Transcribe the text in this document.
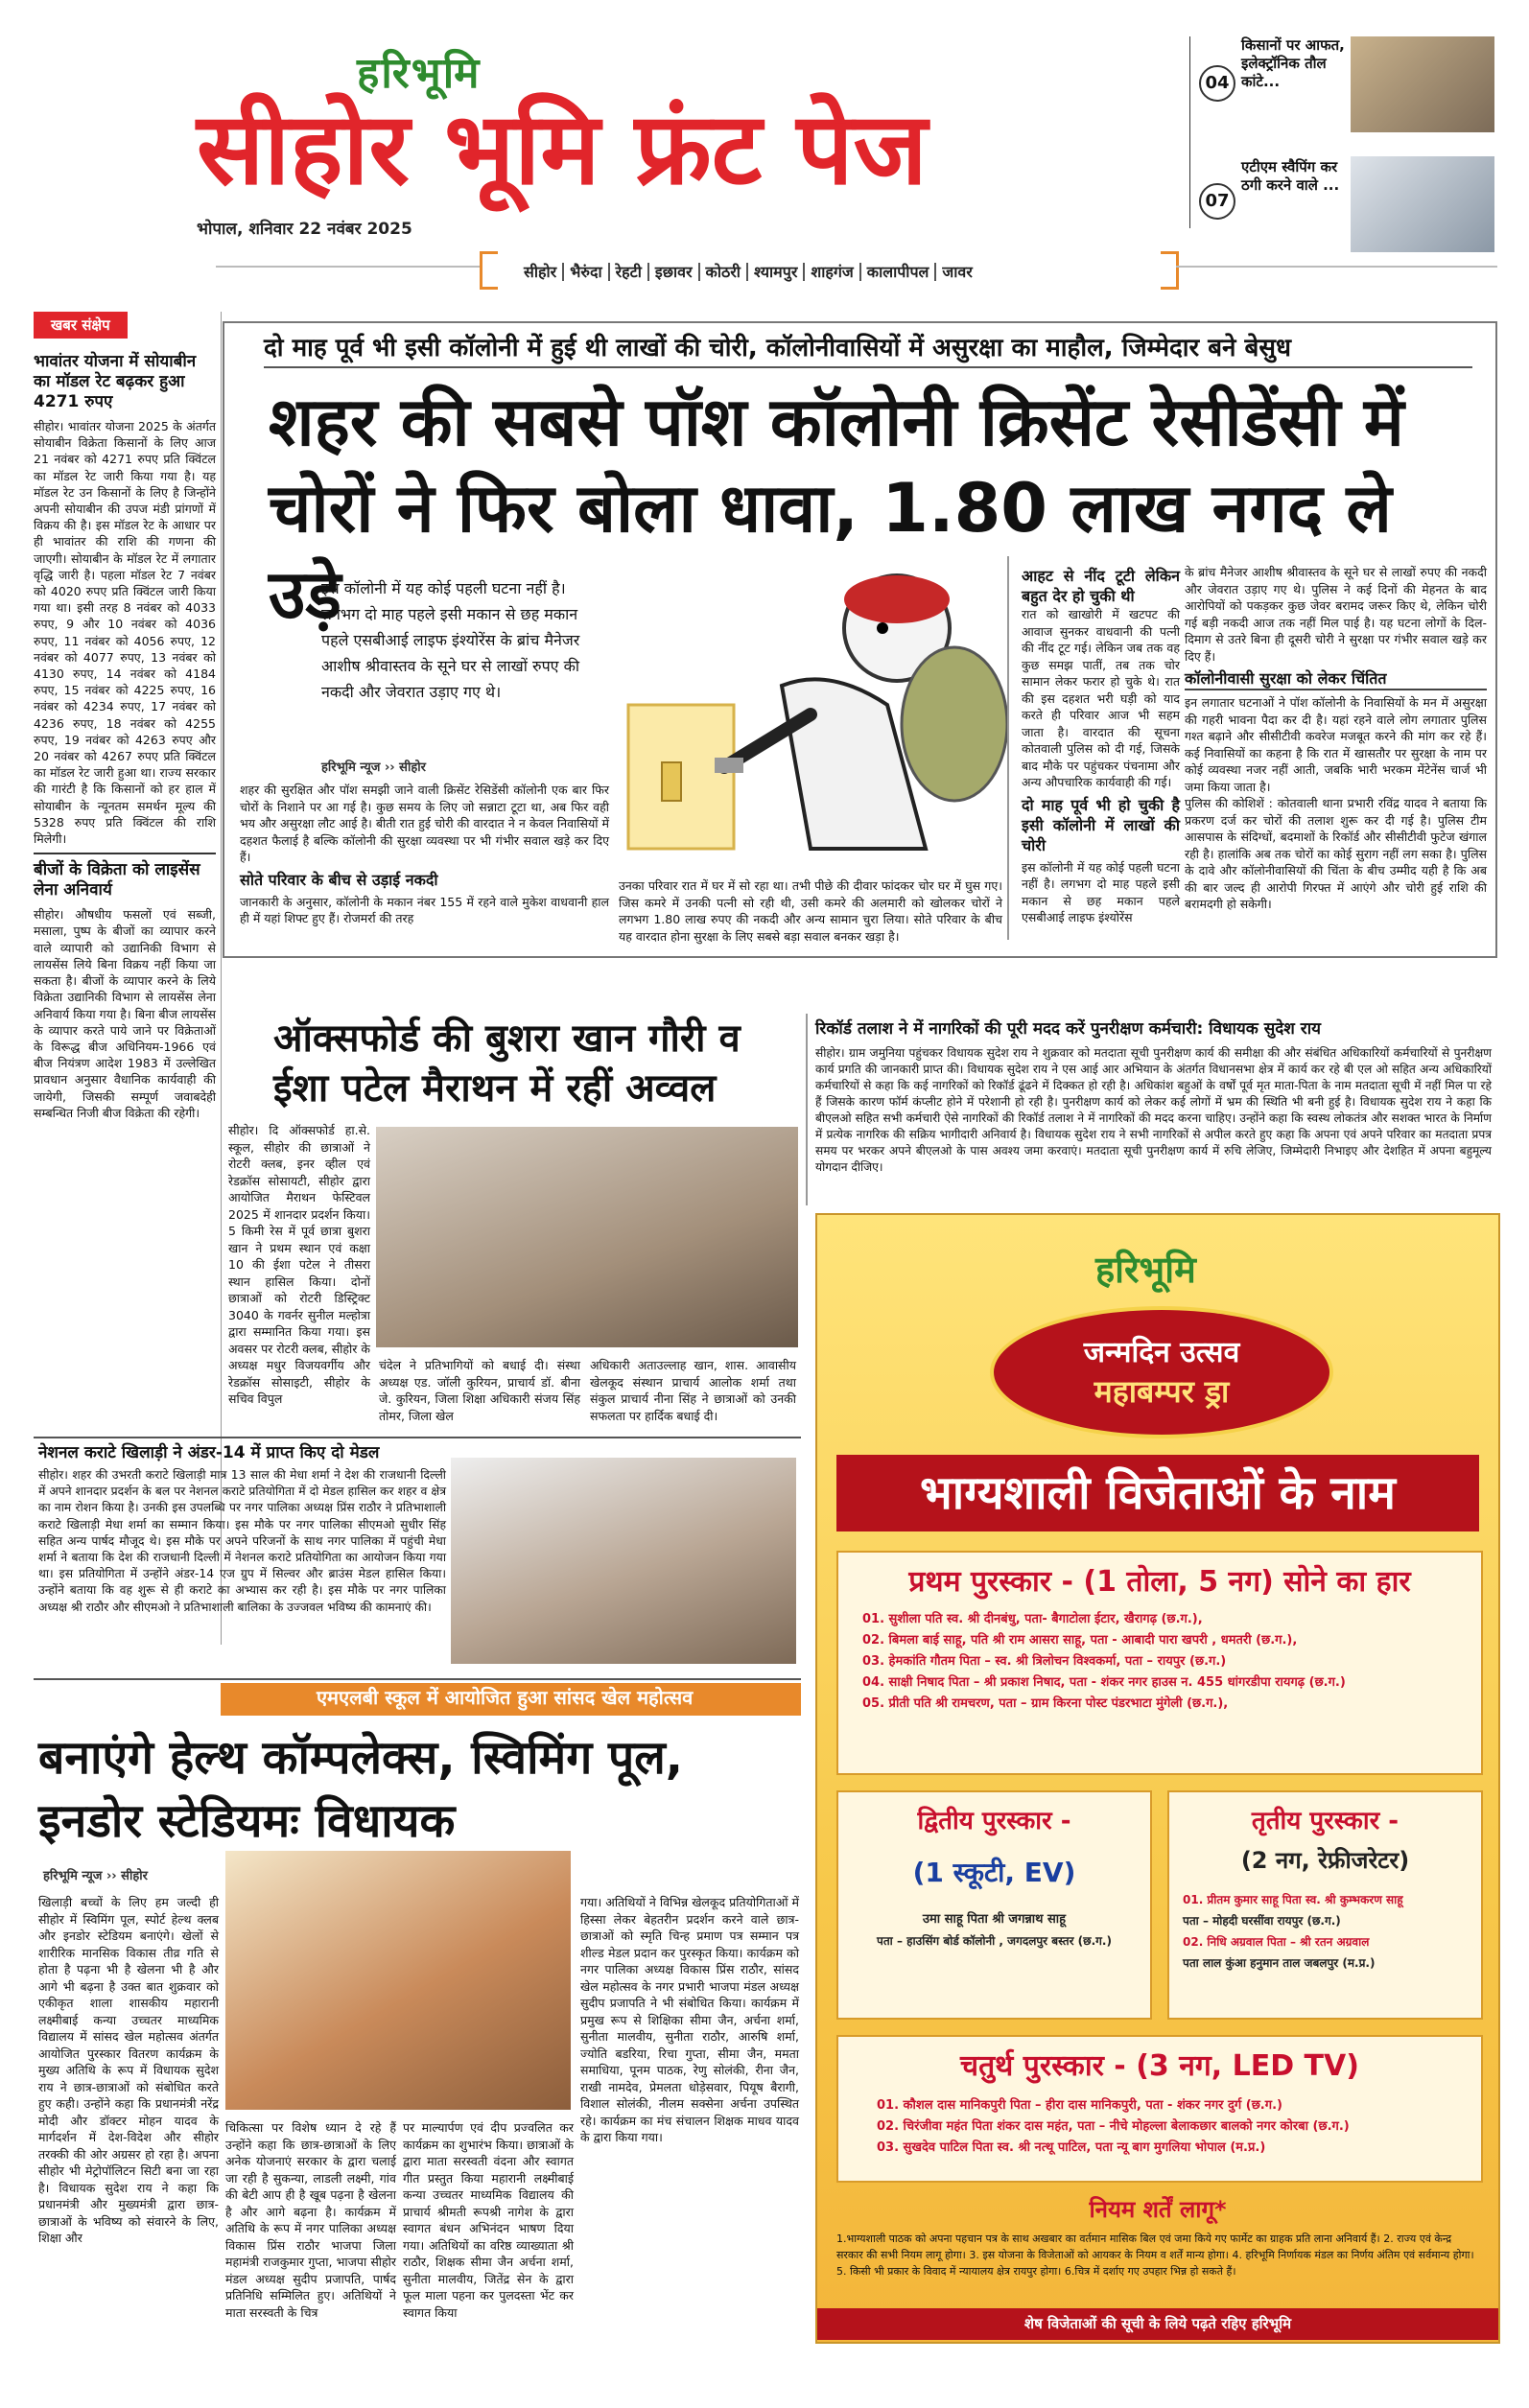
हरिभूमि
सीहोर भूमि फ्रंट पेज
भोपाल, शनिवार 22 नवंबर 2025
04
किसानों पर आफत, इलेक्ट्रॉनिक तौल कांटे...
07
एटीएम स्वैपिंग कर ठगी करने वाले ...
सीहोर भैरुंदा रेहटी इछावर कोठरी श्यामपुर शाहगंज कालापीपल जावर
खबर संक्षेप
भावांतर योजना में सोयाबीन का मॉडल रेट बढ़कर हुआ 4271 रुपए
सीहोर। भावांतर योजना 2025 के अंतर्गत सोयाबीन विक्रेता किसानों के लिए आज 21 नवंबर को 4271 रुपए प्रति क्विंटल का मॉडल रेट जारी किया गया है। यह मॉडल रेट उन किसानों के लिए है जिन्होंने अपनी सोयाबीन की उपज मंडी प्रांगणों में विक्रय की है। इस मॉडल रेट के आधार पर ही भावांतर की राशि की गणना की जाएगी। सोयाबीन के मॉडल रेट में लगातार वृद्धि जारी है। पहला मॉडल रेट 7 नवंबर को 4020 रुपए प्रति क्विंटल जारी किया गया था। इसी तरह 8 नवंबर को 4033 रुपए, 9 और 10 नवंबर को 4036 रुपए, 11 नवंबर को 4056 रुपए, 12 नवंबर को 4077 रुपए, 13 नवंबर को 4130 रुपए, 14 नवंबर को 4184 रुपए, 15 नवंबर को 4225 रुपए, 16 नवंबर को 4234 रुपए, 17 नवंबर को 4236 रुपए, 18 नवंबर को 4255 रुपए, 19 नवंबर को 4263 रुपए और 20 नवंबर को 4267 रुपए प्रति क्विंटल का मॉडल रेट जारी हुआ था। राज्य सरकार की गारंटी है कि किसानों को हर हाल में सोयाबीन के न्यूनतम समर्थन मूल्य की 5328 रुपए प्रति क्विंटल की राशि मिलेगी।
बीजों के विक्रेता को लाइसेंस लेना अनिवार्य
सीहोर। औषधीय फसलों एवं सब्जी, मसाला, पुष्प के बीजों का व्यापार करने वाले व्यापारी को उद्यानिकी विभाग से लायसेंस लिये बिना विक्रय नहीं किया जा सकता है। बीजों के व्यापार करने के लिये विक्रेता उद्यानिकी विभाग से लायसेंस लेना अनिवार्य किया गया है। बिना बीज लायसेंस के व्यापार करते पाये जाने पर विक्रेताओं के विरूद्ध बीज अधिनियम-1966 एवं बीज नियंत्रण आदेश 1983 में उल्लेखित प्रावधान अनुसार वैधानिक कार्यवाही की जायेगी, जिसकी सम्पूर्ण जवाबदेही सम्बन्धित निजी बीज विक्रेता की रहेगी।
दो माह पूर्व भी इसी कॉलोनी में हुई थी लाखों की चोरी, कॉलोनीवासियों में असुरक्षा का माहौल, जिम्मेदार बने बेसुध
शहर की सबसे पॉश कॉलोनी क्रिसेंट रेसीडेंसी में चोरों ने फिर बोला धावा, 1.80 लाख नगद ले उड़े
इस कॉलोनी में यह कोई पहली घटना नहीं है। लगभग दो माह पहले इसी मकान से छह मकान पहले एसबीआई लाइफ इंश्योरेंस के ब्रांच मैनेजर आशीष श्रीवास्तव के सूने घर से लाखों रुपए की नकदी और जेवरात उड़ाए गए थे।
हरिभूमि न्यूज ›› सीहोर
शहर की सुरक्षित और पॉश समझी जाने वाली क्रिसेंट रेसिडेंसी कॉलोनी एक बार फिर चोरों के निशाने पर आ गई है। कुछ समय के लिए जो सन्नाटा टूटा था, अब फिर वही भय और असुरक्षा लौट आई है। बीती रात हुई चोरी की वारदात ने न केवल निवासियों में दहशत फैलाई है बल्कि कॉलोनी की सुरक्षा व्यवस्था पर भी गंभीर सवाल खड़े कर दिए हैं।
सोते परिवार के बीच से उड़ाई नकदी
जानकारी के अनुसार, कॉलोनी के मकान नंबर 155 में रहने वाले मुकेश वाधवानी हाल ही में यहां शिफ्ट हुए हैं। रोजमर्रा की तरह
उनका परिवार रात में घर में सो रहा था। तभी पीछे की दीवार फांदकर चोर घर में घुस गए। जिस कमरे में उनकी पत्नी सो रही थी, उसी कमरे की अलमारी को खोलकर चोरों ने लगभग 1.80 लाख रुपए की नकदी और अन्य सामान चुरा लिया। सोते परिवार के बीच यह वारदात होना सुरक्षा के लिए सबसे बड़ा सवाल बनकर खड़ा है।
आहट से नींद टूटी लेकिन बहुत देर हो चुकी थी
रात को खाखोरी में खटपट की आवाज सुनकर वाधवानी की पत्नी की नींद टूट गई। लेकिन जब तक वह कुछ समझ पातीं, तब तक चोर सामान लेकर फरार हो चुके थे। रात की इस दहशत भरी घड़ी को याद करते ही परिवार आज भी सहम जाता है। वारदात की सूचना कोतवाली पुलिस को दी गई, जिसके बाद मौके पर पहुंचकर पंचनामा और अन्य औपचारिक कार्यवाही की गई।
दो माह पूर्व भी हो चुकी है इसी कॉलोनी में लाखों की चोरी
इस कॉलोनी में यह कोई पहली घटना नहीं है। लगभग दो माह पहले इसी मकान से छह मकान पहले एसबीआई लाइफ इंश्योरेंस
के ब्रांच मैनेजर आशीष श्रीवास्तव के सूने घर से लाखों रुपए की नकदी और जेवरात उड़ाए गए थे। पुलिस ने कई दिनों की मेहनत के बाद आरोपियों को पकड़कर कुछ जेवर बरामद जरूर किए थे, लेकिन चोरी गई बड़ी नकदी आज तक नहीं मिल पाई है। यह घटना लोगों के दिल-दिमाग से उतरे बिना ही दूसरी चोरी ने सुरक्षा पर गंभीर सवाल खड़े कर दिए हैं।
कॉलोनीवासी सुरक्षा को लेकर चिंतित
इन लगातार घटनाओं ने पॉश कॉलोनी के निवासियों के मन में असुरक्षा की गहरी भावना पैदा कर दी है। यहां रहने वाले लोग लगातार पुलिस गश्त बढ़ाने और सीसीटीवी कवरेज मजबूत करने की मांग कर रहे हैं। कई निवासियों का कहना है कि रात में खासतौर पर सुरक्षा के नाम पर कोई व्यवस्था नजर नहीं आती, जबकि भारी भरकम मेंटेनेंस चार्ज भी जमा किया जाता है।
पुलिस की कोशिशें : कोतवाली थाना प्रभारी रविंद्र यादव ने बताया कि प्रकरण दर्ज कर चोरों की तलाश शुरू कर दी गई है। पुलिस टीम आसपास के संदिग्धों, बदमाशों के रिकॉर्ड और सीसीटीवी फुटेज खंगाल रही है। हालांकि अब तक चोरों का कोई सुराग नहीं लग सका है। पुलिस के दावे और कॉलोनीवासियों की चिंता के बीच उम्मीद यही है कि अब की बार जल्द ही आरोपी गिरफ्त में आएंगे और चोरी हुई राशि की बरामदगी हो सकेगी।
ऑक्सफोर्ड की बुशरा खान गौरी व ईशा पटेल मैराथन में रहीं अव्वल
सीहोर। दि ऑक्सफोर्ड हा.से. स्कूल, सीहोर की छात्राओं ने रोटरी क्लब, इनर व्हील एवं रेडक्रॉस सोसायटी, सीहोर द्वारा आयोजित मैराथन फेस्टिवल 2025 में शानदार प्रदर्शन किया। 5 किमी रेस में पूर्व छात्रा बुशरा खान ने प्रथम स्थान एवं कक्षा 10 की ईशा पटेल ने तीसरा स्थान हासिल किया। दोनों छात्राओं को रोटरी डिस्ट्रिक्ट 3040 के गवर्नर सुनील मल्होत्रा द्वारा सम्मानित किया गया। इस अवसर पर रोटरी क्लब, सीहोर के अध्यक्ष मधुर विजयवर्गीय और रेडक्रॉस सोसाइटी, सीहोर के सचिव विपुल
चंदेल ने प्रतिभागियों को बधाई दी। संस्था अध्यक्ष एड. जॉली कुरियन, प्राचार्य डॉ. बीना जे. कुरियन, जिला शिक्षा अधिकारी संजय सिंह तोमर, जिला खेल
अधिकारी अताउल्लाह खान, शास. आवासीय खेलकूद संस्थान प्राचार्य आलोक शर्मा तथा संकुल प्राचार्य नीना सिंह ने छात्राओं को उनकी सफलता पर हार्दिक बधाई दी।
रिकॉर्ड तलाश ने में नागरिकों की पूरी मदद करें पुनरीक्षण कर्मचारी: विधायक सुदेश राय
सीहोर। ग्राम जमुनिया पहुंचकर विधायक सुदेश राय ने शुक्रवार को मतदाता सूची पुनरीक्षण कार्य की समीक्षा की और संबंधित अधिकारियों कर्मचारियों से पुनरीक्षण कार्य प्रगति की जानकारी प्राप्त की। विधायक सुदेश राय ने एस आई आर अभियान के अंतर्गत विधानसभा क्षेत्र में कार्य कर रहे बी एल ओ सहित अन्य अधिकारियों कर्मचारियों से कहा कि कई नागरिकों को रिकॉर्ड ढूंढने में दिक्कत हो रही है। अधिकांश बहुओं के वर्षों पूर्व मृत माता-पिता के नाम मतदाता सूची में नहीं मिल पा रहे हैं जिसके कारण फॉर्म कंप्लीट होने में परेशानी हो रही है। पुनरीक्षण कार्य को लेकर कई लोगों में भ्रम की स्थिति भी बनी हुई है। विधायक सुदेश राय ने कहा कि बीएलओ सहित सभी कर्मचारी ऐसे नागरिकों की रिकॉर्ड तलाश ने में नागरिकों की मदद करना चाहिए। उन्होंने कहा कि स्वस्थ लोकतंत्र और सशक्त भारत के निर्माण में प्रत्येक नागरिक की सक्रिय भागीदारी अनिवार्य है। विधायक सुदेश राय ने सभी नागरिकों से अपील करते हुए कहा कि अपना एवं अपने परिवार का मतदाता प्रपत्र समय पर भरकर अपने बीएलओ के पास अवश्य जमा करवाएं। मतदाता सूची पुनरीक्षण कार्य में रुचि लेजिए, जिम्मेदारी निभाइए और देशहित में अपना बहुमूल्य योगदान दीजिए।
नेशनल कराटे खिलाड़ी ने अंडर-14 में प्राप्त किए दो मेडल
सीहोर। शहर की उभरती कराटे खिलाड़ी मात्र 13 साल की मेधा शर्मा ने देश की राजधानी दिल्ली में अपने शानदार प्रदर्शन के बल पर नेशनल कराटे प्रतियोगिता में दो मेडल हासिल कर शहर व क्षेत्र का नाम रोशन किया है। उनकी इस उपलब्धि पर नगर पालिका अध्यक्ष प्रिंस राठौर ने प्रतिभाशाली कराटे खिलाड़ी मेधा शर्मा का सम्मान किया। इस मौके पर नगर पालिका सीएमओ सुधीर सिंह सहित अन्य पार्षद मौजूद थे। इस मौके पर अपने परिजनों के साथ नगर पालिका में पहुंची मेधा शर्मा ने बताया कि देश की राजधानी दिल्ली में नेशनल कराटे प्रतियोगिता का आयोजन किया गया था। इस प्रतियोगिता में उन्होंने अंडर-14 एज ग्रुप में सिल्वर और ब्राउंस मेडल हासिल किया। उन्होंने बताया कि वह शुरू से ही कराटे का अभ्यास कर रही है। इस मौके पर नगर पालिका अध्यक्ष श्री राठौर और सीएमओ ने प्रतिभाशाली बालिका के उज्जवल भविष्य की कामनाएं की।
एमएलबी स्कूल में आयोजित हुआ सांसद खेल महोत्सव
बनाएंगे हेल्थ कॉम्पलेक्स, स्विमिंग पूल, इनडोर स्टेडियमः विधायक
हरिभूमि न्यूज ›› सीहोर
खिलाड़ी बच्चों के लिए हम जल्दी ही सीहोर में स्विमिंग पूल, स्पोर्ट हेल्थ क्लब और इनडोर स्टेडियम बनाएंगे। खेलों से शारीरिक मानसिक विकास तीव्र गति से होता है पढ़ना भी है खेलना भी है और आगे भी बढ़ना है उक्त बात शुक्रवार को एकीकृत शाला शासकीय महारानी लक्ष्मीबाई कन्या उच्चतर माध्यमिक विद्यालय में सांसद खेल महोत्सव अंतर्गत आयोजित पुरस्कार वितरण कार्यक्रम के मुख्य अतिथि के रूप में विधायक सुदेश राय ने छात्र-छात्राओं को संबोधित करते हुए कही। उन्होंने कहा कि प्रधानमंत्री नरेंद्र मोदी और डॉक्टर मोहन यादव के मार्गदर्शन में देश-विदेश और सीहोर तरक्की की ओर अग्रसर हो रहा है। अपना सीहोर भी मेट्रोपॉलिटन सिटी बना जा रहा है। विधायक सुदेश राय ने कहा कि प्रधानमंत्री और मुख्यमंत्री द्वारा छात्र-छात्राओं के भविष्य को संवारने के लिए, शिक्षा और
चिकित्सा पर विशेष ध्यान दे रहे हैं उन्होंने कहा कि छात्र-छात्राओं के लिए अनेक योजनाएं सरकार के द्वारा चलाई जा रही है सुकन्या, लाडली लक्ष्मी, गांव की बेटी आप ही है खूब पढ़ना है खेलना है और आगे बढ़ना है। कार्यक्रम में अतिथि के रूप में नगर पालिका अध्यक्ष विकास प्रिंस राठौर भाजपा जिला महामंत्री राजकुमार गुप्ता, भाजपा सीहोर मंडल अध्यक्ष सुदीप प्रजापति, पार्षद प्रतिनिधि सम्मिलित हुए। अतिथियों ने माता सरस्वती के चित्र
पर माल्यार्पण एवं दीप प्रज्वलित कर कार्यक्रम का शुभारंभ किया। छात्राओं के द्वारा माता सरस्वती वंदना और स्वागत गीत प्रस्तुत किया महारानी लक्ष्मीबाई कन्या उच्चतर माध्यमिक विद्यालय की प्राचार्य श्रीमती रूपश्री नागेश के द्वारा स्वागत बंधन अभिनंदन भाषण दिया गया। अतिथियों का वरिष्ठ व्याख्याता श्री राठौर, शिक्षक सीमा जैन अर्चना शर्मा, सुनीता मालवीय, जितेंद्र सेन के द्वारा फूल माला पहना कर पुलदस्ता भेंट कर स्वागत किया
गया। अतिथियों ने विभिन्न खेलकूद प्रतियोगिताओं में हिस्सा लेकर बेहतरीन प्रदर्शन करने वाले छात्र-छात्राओं को स्मृति चिन्ह प्रमाण पत्र सम्मान पत्र शील्ड मेडल प्रदान कर पुरस्कृत किया। कार्यक्रम को नगर पालिका अध्यक्ष विकास प्रिंस राठौर, सांसद खेल महोत्सव के नगर प्रभारी भाजपा मंडल अध्यक्ष सुदीप प्रजापति ने भी संबोधित किया। कार्यक्रम में प्रमुख रूप से शिक्षिका सीमा जैन, अर्चना शर्मा, सुनीता मालवीय, सुनीता राठौर, आरुषि शर्मा, ज्योति बडरिया, रिचा गुप्ता, सीमा जैन, ममता समाधिया, पूनम पाठक, रेणु सोलंकी, रीना जैन, राखी नामदेव, प्रेमलता धोड़ेसवार, पियूष बैरागी, विशाल सोलंकी, नीलम सक्सेना अर्चना उपस्थित रहे। कार्यक्रम का मंच संचालन शिक्षक माधव यादव के द्वारा किया गया।
हरिभूमि
जन्मदिन उत्सव
महाबम्पर ड्रा
भाग्यशाली विजेताओं के नाम
प्रथम पुरस्कार - (1 तोला, 5 नग) सोने का हार
01. सुशीला पति स्व. श्री दीनबंधु, पता- बैगाटोला ईटार, खैरागढ़ (छ.ग.),
02. बिमला बाई साहू, पति श्री राम आसरा साहू, पता - आबादी पारा खपरी , धमतरी (छ.ग.),
03. हेमकांति गौतम पिता – स्व. श्री त्रिलोचन विश्वकर्मा, पता – रायपुर (छ.ग.)
04. साक्षी निषाद पिता – श्री प्रकाश निषाद, पता - शंकर नगर हाउस न. 455 धांगरडीपा रायगढ़ (छ.ग.)
05. प्रीती पति श्री रामचरण, पता – ग्राम किरना पोस्ट पंडरभाटा मुंगेली (छ.ग.),
द्वितीय पुरस्कार -
(1 स्कूटी, EV)
उमा साहू पिता श्री जगन्नाथ साहू
पता – हाउसिंग बोर्ड कॉलोनी , जगदलपुर बस्तर (छ.ग.)
तृतीय पुरस्कार -
(2 नग, रेफ्रीजरेटर)
01. प्रीतम कुमार साहू पिता स्व. श्री कुम्भकरण साहू
पता – मोहदी घरसींवा रायपुर (छ.ग.)
02. निधि अग्रवाल पिता – श्री रतन अग्रवाल
पता लाल कुंआ हनुमान ताल जबलपुर (म.प्र.)
चतुर्थ पुरस्कार - (3 नग, LED TV)
01. कौशल दास मानिकपुरी पिता – हीरा दास मानिकपुरी, पता - शंकर नगर दुर्ग (छ.ग.)
02. चिरंजीवा महंत पिता शंकर दास महंत, पता – नीचे मोहल्ला बेलाकछार बालको नगर कोरबा (छ.ग.)
03. सुखदेव पाटिल पिता स्व. श्री नत्थू पाटिल, पता न्यू बाग मुगलिया भोपाल (म.प्र.)
नियम शर्तें लागू*
1.भाग्यशाली पाठक को अपना पहचान पत्र के साथ अखबार का वर्तमान मासिक बिल एवं जमा किये गए फार्मेट का ग्राहक प्रति लाना अनिवार्य हैं। 2. राज्य एवं केन्द्र सरकार की सभी नियम लागू होगा। 3. इस योजना के विजेताओं को आयकर के नियम व शर्तें मान्य होगा। 4. हरिभूमि निर्णायक मंडल का निर्णय अंतिम एवं सर्वमान्य होगा। 5. किसी भी प्रकार के विवाद में न्यायालय क्षेत्र रायपुर होगा। 6.चित्र में दर्शाए गए उपहार भिन्न हो सकते हैं।
शेष विजेताओं की सूची के लिये पढ़ते रहिए हरिभूमि
